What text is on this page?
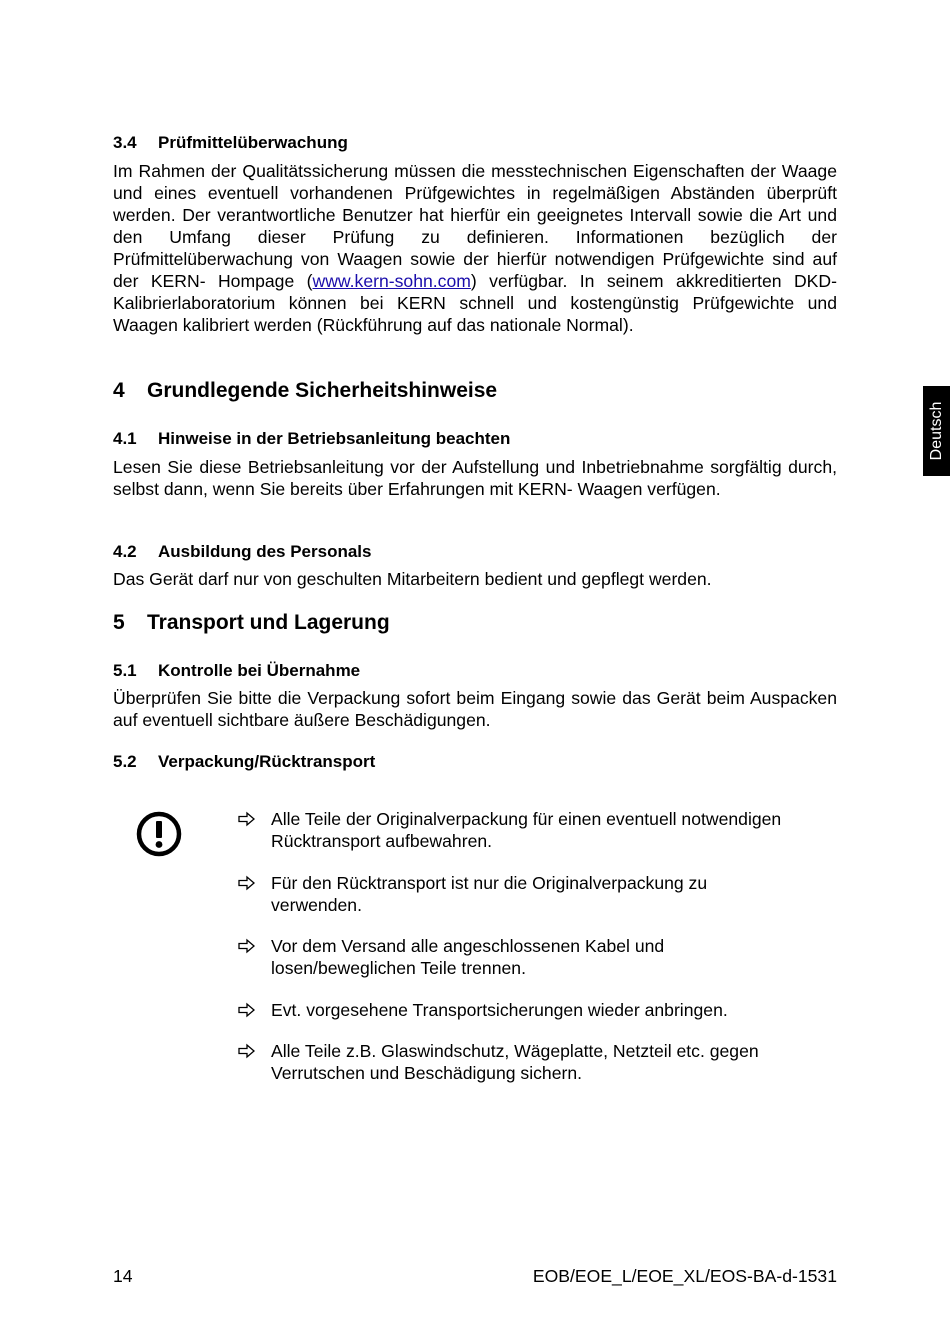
3.4 Prüfmittelüberwachung

Im Rahmen der Qualitätssicherung müssen die messtechnischen Eigenschaften der Waage und eines eventuell vorhandenen Prüfgewichtes in regelmäßigen Abständen überprüft werden. Der verantwortliche Benutzer hat hierfür ein geeignetes Intervall sowie die Art und den Umfang dieser Prüfung zu definieren. Informationen bezüglich der Prüfmittelüberwachung von Waagen sowie der hierfür notwendigen Prüfgewichte sind auf der KERN- Hompage (www.kern-sohn.com) verfügbar. In seinem akkreditierten DKD- Kalibrierlaboratorium können bei KERN schnell und kostengünstig Prüfgewichte und Waagen kalibriert werden (Rückführung auf das nationale Normal).

4 Grundlegende Sicherheitshinweise
4.1 Hinweise in der Betriebsanleitung beachten

Lesen Sie diese Betriebsanleitung vor der Aufstellung und Inbetriebnahme sorgfältig durch, selbst dann, wenn Sie bereits über Erfahrungen mit KERN- Waagen verfügen.

4.2 Ausbildung des Personals

Das Gerät darf nur von geschulten Mitarbeitern bedient und gepflegt werden.

5 Transport und Lagerung
5.1 Kontrolle bei Übernahme

Überprüfen Sie bitte die Verpackung sofort beim Eingang sowie das Gerät beim Auspacken auf eventuell sichtbare äußere Beschädigungen.

5.2 Verpackung/Rücktransport
Alle Teile der Originalverpackung für einen eventuell notwendigen Rücktransport aufbewahren.
Für den Rücktransport ist nur die Originalverpackung zu verwenden.
Vor dem Versand alle angeschlossenen Kabel und losen/beweglichen Teile trennen.
Evt. vorgesehene Transportsicherungen wieder anbringen.
Alle Teile z.B. Glaswindschutz, Wägeplatte, Netzteil etc. gegen Verrutschen und Beschädigung sichern.
Deutsch
14	EOB/EOE_L/EOE_XL/EOS-BA-d-1531
